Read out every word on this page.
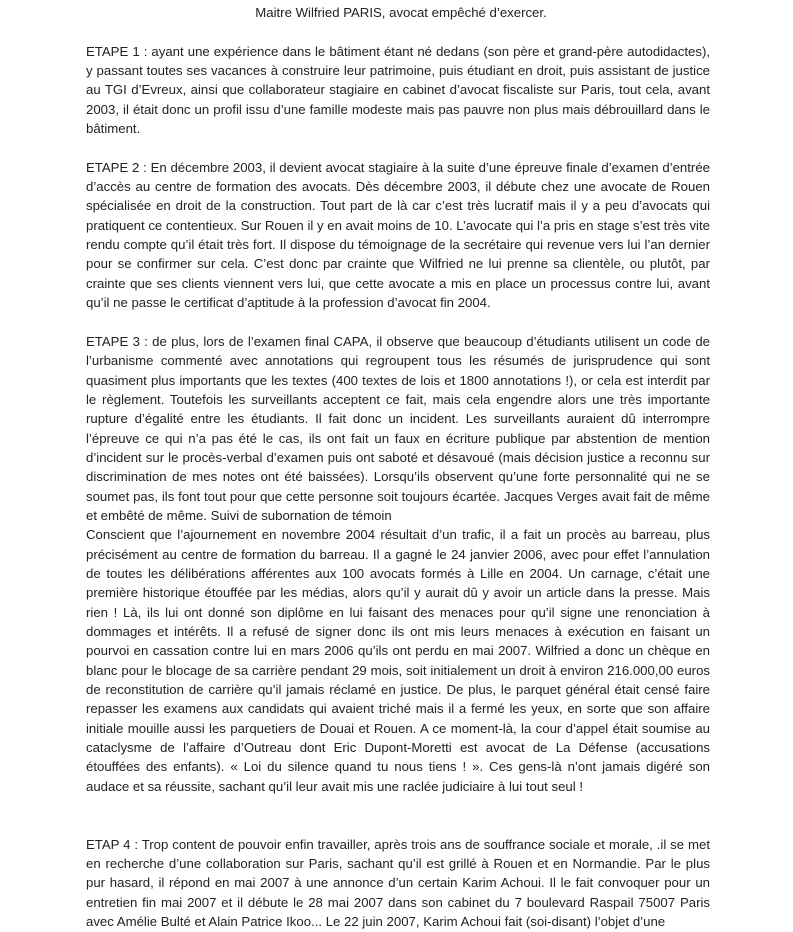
Maitre Wilfried PARIS, avocat empêché d’exercer.

ETAPE 1 : ayant une expérience dans le bâtiment étant né dedans (son père et grand-père autodidactes), y passant toutes ses vacances à construire leur patrimoine, puis étudiant en droit, puis assistant de justice au TGI d’Evreux, ainsi que collaborateur stagiaire en cabinet d’avocat fiscaliste sur Paris, tout cela, avant 2003, il était donc un profil issu d’une famille modeste mais pas pauvre non plus mais débrouillard dans le bâtiment.

ETAPE 2 : En décembre 2003, il devient avocat stagiaire à la suite d’une épreuve finale d’examen d’entrée d’accès au centre de formation des avocats. Dès décembre 2003, il débute chez une avocate de Rouen spécialisée en droit de la construction. Tout part de là car c’est très lucratif mais il y a peu d’avocats qui pratiquent ce contentieux. Sur Rouen il y en avait moins de 10. L’avocate qui l’a pris en stage s’est très vite rendu compte qu’il était très fort. Il dispose du témoignage de la secrétaire qui revenue vers lui l’an dernier pour se confirmer sur cela. C’est donc par crainte que Wilfried ne lui prenne sa clientèle, ou plutôt, par crainte que ses clients viennent vers lui, que cette avocate a mis en place un processus contre lui, avant qu’il ne passe le certificat d’aptitude à la profession d’avocat fin 2004.

ETAPE 3 : de plus, lors de l’examen final CAPA, il observe que beaucoup d’étudiants utilisent un code de l’urbanisme commenté avec annotations qui regroupent tous les résumés de jurisprudence qui sont quasiment plus importants que les textes (400 textes de lois et 1800 annotations !), or cela est interdit par le règlement. Toutefois les surveillants acceptent ce fait, mais cela engendre alors une très importante rupture d’égalité entre les étudiants. Il fait donc un incident. Les surveillants auraient dû interrompre l’épreuve ce qui n’a pas été le cas, ils ont fait un faux en écriture publique par abstention de mention d’incident sur le procès-verbal d’examen puis ont saboté et désavoué (mais décision justice a reconnu sur discrimination de mes notes ont été baissées). Lorsqu’ils observent qu’une forte personnalité qui ne se soumet pas, ils font tout pour que cette personne soit toujours écartée. Jacques Verges avait fait de même et embêté de même. Suivi de subornation de témoin

Conscient que l’ajournement en novembre 2004 résultait d’un trafic, il a fait un procès au barreau, plus précisément au centre de formation du barreau. Il a gagné le 24 janvier 2006, avec pour effet l’annulation de toutes les délibérations afférentes aux 100 avocats formés à Lille en 2004. Un carnage, c’était une première historique étouffée par les médias, alors qu’il y aurait dû y avoir un article dans la presse. Mais rien ! Là, ils lui ont donné son diplôme en lui faisant des menaces pour qu’il signe une renonciation à dommages et intérêts. Il a refusé de signer donc ils ont mis leurs menaces à exécution en faisant un pourvoi en cassation contre lui en mars 2006 qu’ils ont perdu en mai 2007. Wilfried a donc un chèque en blanc pour le blocage de sa carrière pendant 29 mois, soit initialement un droit à environ 216.000,00 euros de reconstitution de carrière qu’il jamais réclamé en justice. De plus, le parquet général était censé faire repasser les examens aux candidats qui avaient triché mais il a fermé les yeux, en sorte que son affaire initiale mouille aussi les parquetiers de Douai et Rouen. A ce moment-là, la cour d’appel était soumise au cataclysme de l’affaire d’Outreau dont Eric Dupont-Moretti est avocat de La Défense (accusations étouffées des enfants). « Loi du silence quand tu nous tiens ! ». Ces gens-là n’ont jamais digéré son audace et sa réussite, sachant qu’il leur avait mis une raclée judiciaire à lui tout seul !

ETAP 4 : Trop content de pouvoir enfin travailler, après trois ans de souffrance sociale et morale, .il se met en recherche d’une collaboration sur Paris, sachant qu’il est grillé à Rouen et en Normandie. Par le plus pur hasard, il répond en mai 2007 à une annonce d’un certain Karim Achoui. Il le fait convoquer pour un entretien fin mai 2007 et il débute le 28 mai 2007 dans son cabinet du 7 boulevard Raspail 75007 Paris avec Amélie Bulté et Alain Patrice Ikoo... Le 22 juin 2007, Karim Achoui fait (soi-disant) l’objet d’une
